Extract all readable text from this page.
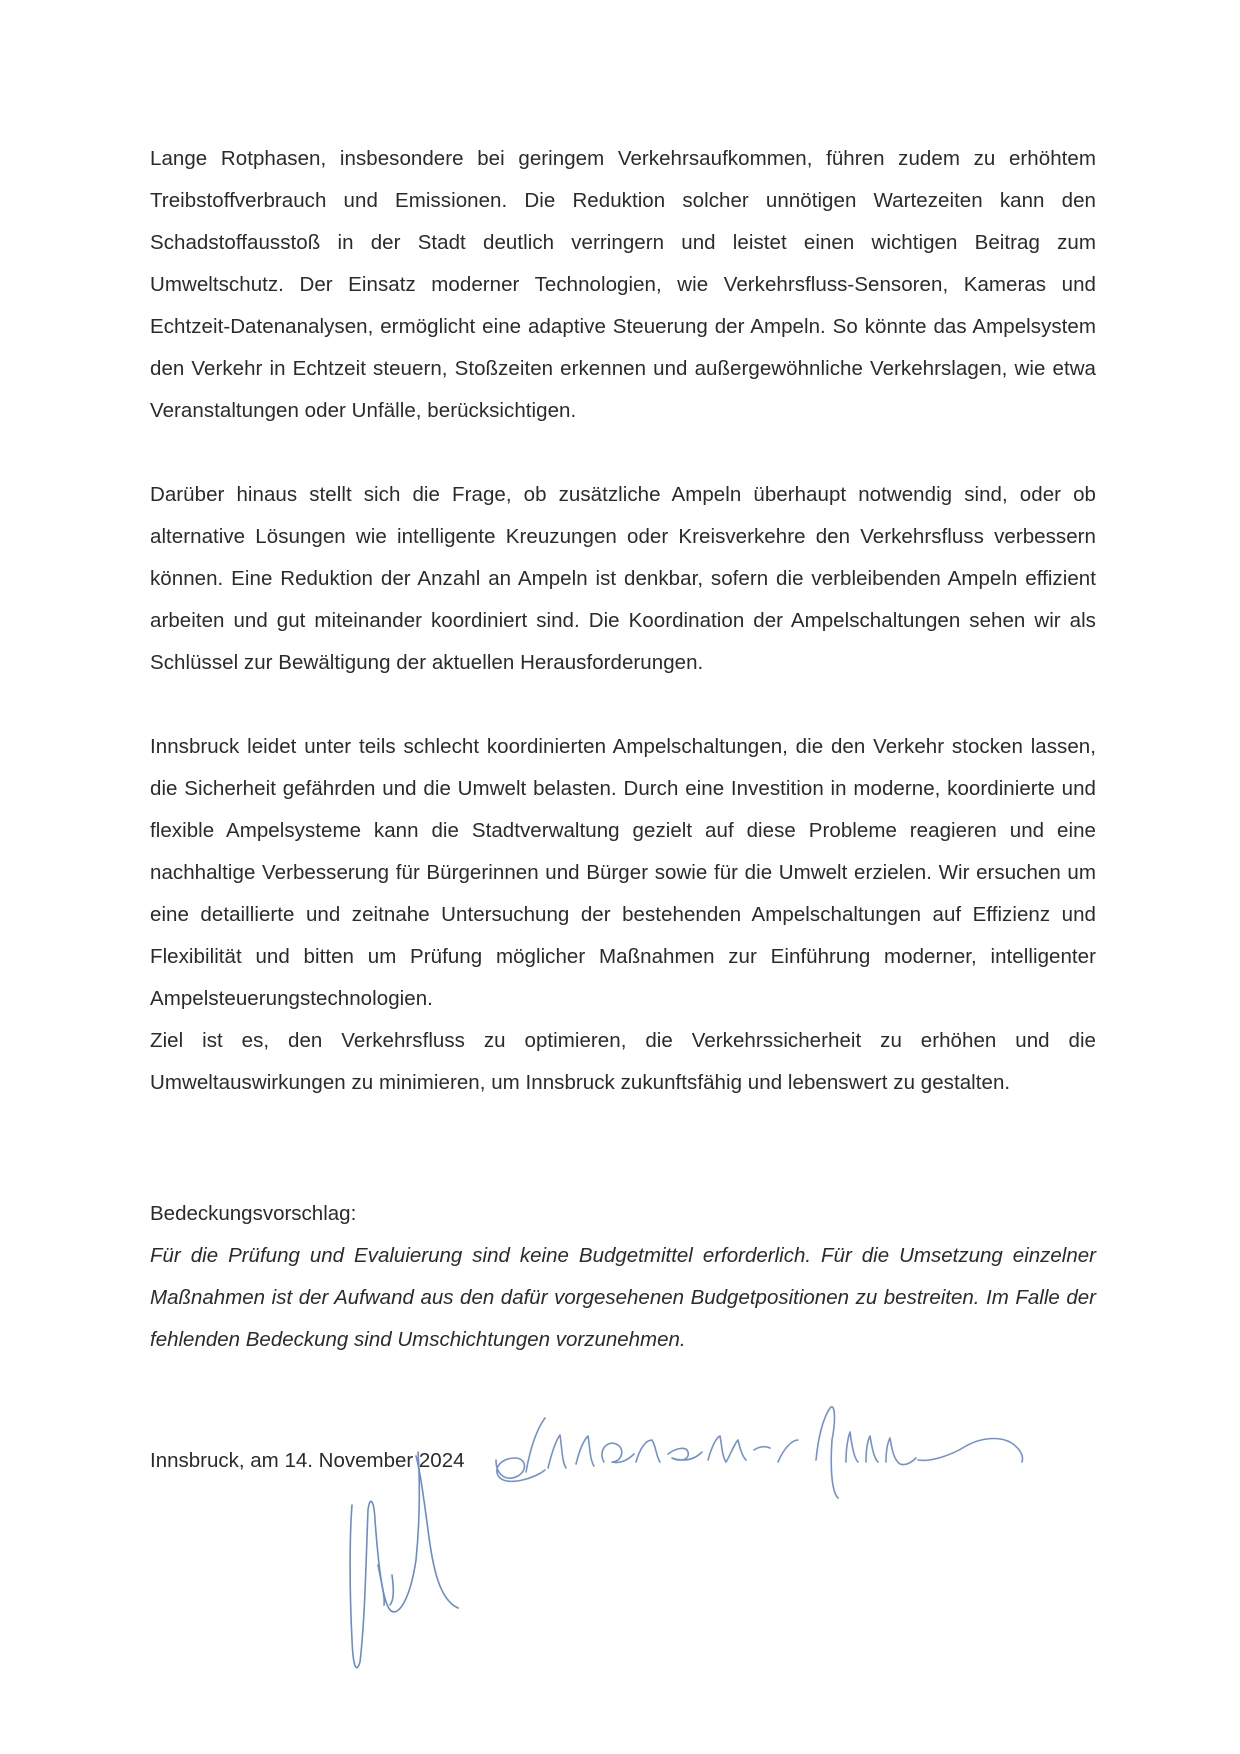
Lange Rotphasen, insbesondere bei geringem Verkehrsaufkommen, führen zudem zu erhöhtem Treibstoffverbrauch und Emissionen. Die Reduktion solcher unnötigen Wartezeiten kann den Schadstoffausstoß in der Stadt deutlich verringern und leistet einen wichtigen Beitrag zum Umweltschutz. Der Einsatz moderner Technologien, wie Verkehrsfluss-Sensoren, Kameras und Echtzeit-Datenanalysen, ermöglicht eine adaptive Steuerung der Ampeln. So könnte das Ampelsystem den Verkehr in Echtzeit steuern, Stoßzeiten erkennen und außergewöhnliche Verkehrslagen, wie etwa Veranstaltungen oder Unfälle, berücksichtigen.

Darüber hinaus stellt sich die Frage, ob zusätzliche Ampeln überhaupt notwendig sind, oder ob alternative Lösungen wie intelligente Kreuzungen oder Kreisverkehre den Verkehrsfluss verbessern können. Eine Reduktion der Anzahl an Ampeln ist denkbar, sofern die verbleibenden Ampeln effizient arbeiten und gut miteinander koordiniert sind. Die Koordination der Ampelschaltungen sehen wir als Schlüssel zur Bewältigung der aktuellen Herausforderungen.

Innsbruck leidet unter teils schlecht koordinierten Ampelschaltungen, die den Verkehr stocken lassen, die Sicherheit gefährden und die Umwelt belasten. Durch eine Investition in moderne, koordinierte und flexible Ampelsysteme kann die Stadtverwaltung gezielt auf diese Probleme reagieren und eine nachhaltige Verbesserung für Bürgerinnen und Bürger sowie für die Umwelt erzielen. Wir ersuchen um eine detaillierte und zeitnahe Untersuchung der bestehenden Ampelschaltungen auf Effizienz und Flexibilität und bitten um Prüfung möglicher Maßnahmen zur Einführung moderner, intelligenter Ampelsteuerungstechnologien.

Ziel ist es, den Verkehrsfluss zu optimieren, die Verkehrssicherheit zu erhöhen und die Umweltauswirkungen zu minimieren, um Innsbruck zukunftsfähig und lebenswert zu gestalten.

Bedeckungsvorschlag:

Für die Prüfung und Evaluierung sind keine Budgetmittel erforderlich. Für die Umsetzung einzelner Maßnahmen ist der Aufwand aus den dafür vorgesehenen Budgetpositionen zu bestreiten. Im Falle der fehlenden Bedeckung sind Umschichtungen vorzunehmen.

Innsbruck, am 14. November 2024
